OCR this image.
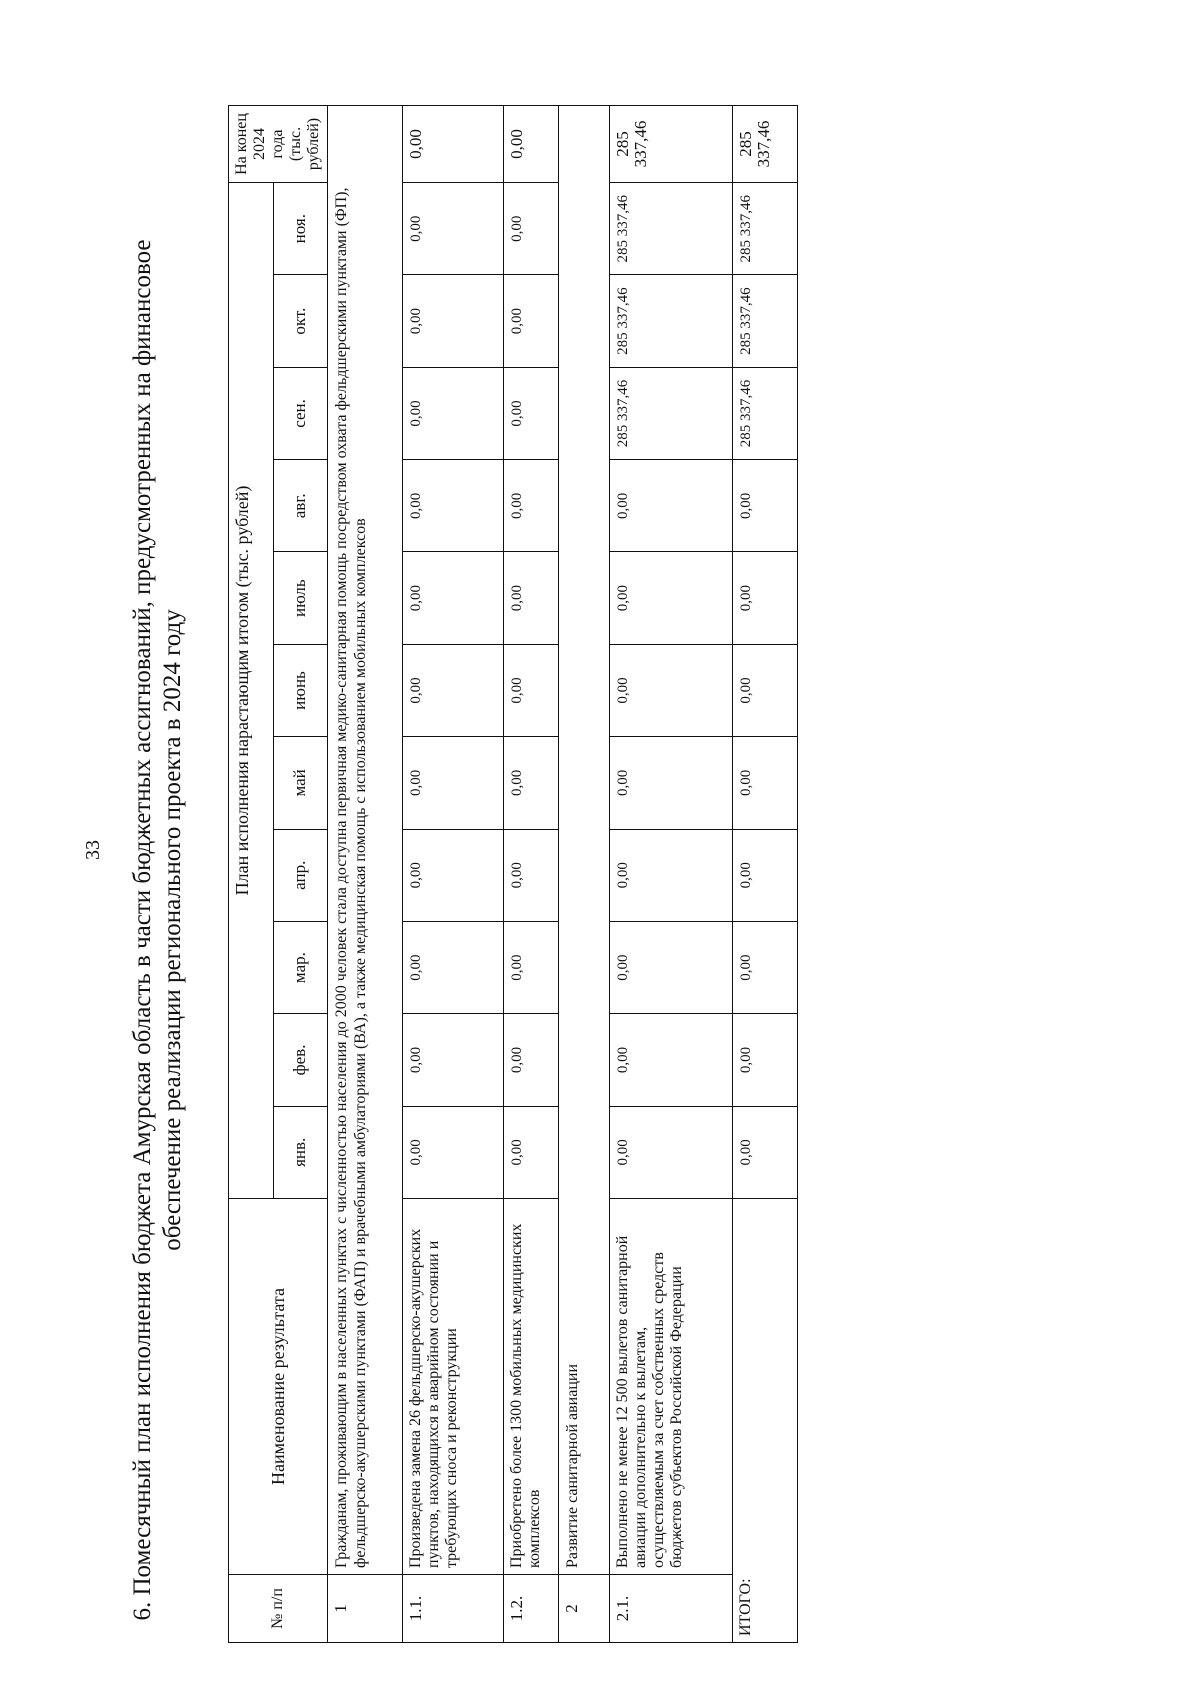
33 6. Помесячный план исполнения бюджета Амурская область в части бюджетных ассигнований, предусмотренных на финансовое обеспечение реализации регионального проекта в 2024 году
№ п/п	Наименование результата	План исполнения нарастающим итогом (тыс. рублей)											На конец 2024 года (тыс. рублей)
		янв.	фев.	мар.	апр.	май	июнь	июль	авг.	сен.	окт.	ноя.	
1	Гражданам, проживающим в населенных пунктах с численностью населения до 2000 человек стала доступна первичная медико-санитарная помощь посредством охвата фельдшерскими пунктами (ФП), фельдшерско-акушерскими пунктами (ФАП) и врачебными амбулаториями (ВА), а также медицинская помощь с использованием мобильных комплексов												
1.1.	Произведена замена 26 фельдшерско-акушерских пунктов, находящихся в аварийном состоянии и требующих сноса и реконструкции	0,00	0,00	0,00	0,00	0,00	0,00	0,00	0,00	0,00	0,00	0,00	0,00
1.2.	Приобретено более 1300 мобильных медицинских комплексов	0,00	0,00	0,00	0,00	0,00	0,00	0,00	0,00	0,00	0,00	0,00	0,00
2	Развитие санитарной авиации												
2.1.	Выполнено не менее 12 500 вылетов санитарной авиации дополнительно к вылетам, осуществляемым за счет собственных средств бюджетов субъектов Российской Федерации	0,00	0,00	0,00	0,00	0,00	0,00	0,00	0,00	285 337,46	285 337,46	285 337,46	285 337,46
ИТОГО:		0,00	0,00	0,00	0,00	0,00	0,00	0,00	0,00	285 337,46	285 337,46	285 337,46	285 337,46
